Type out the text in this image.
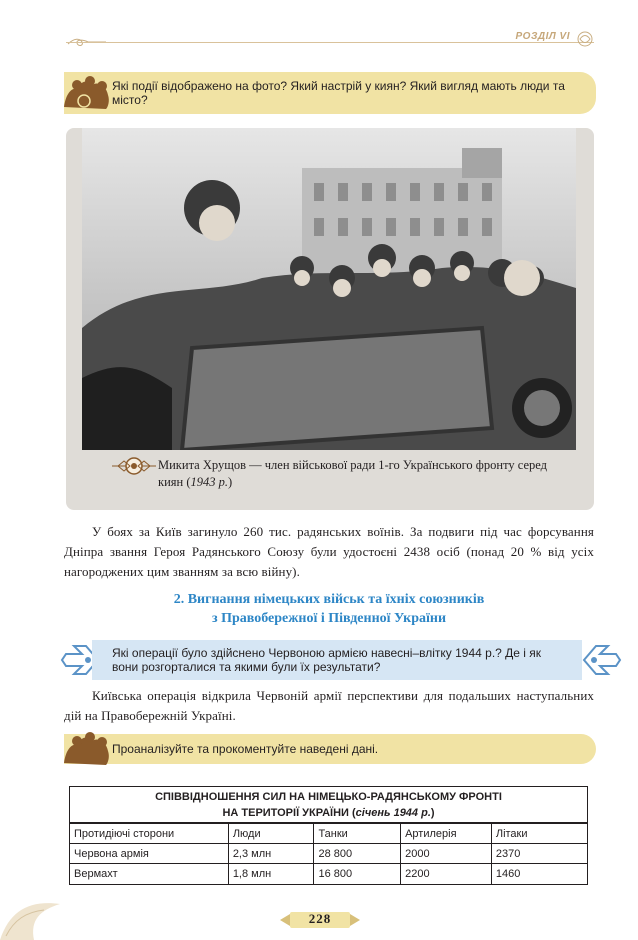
РОЗДІЛ VI
Які події відображено на фото? Який настрій у киян? Який вигляд мають люди та місто?
Микита Хрущов — член військової ради 1-го Українського фронту серед киян (1943 р.)
У боях за Київ загинуло 260 тис. радянських воїнів. За подвиги під час форсування Дніпра звання Героя Радянського Союзу були удостоєні 2438 осіб (понад 20 % від усіх нагороджених цим званням за всю війну).
2. Вигнання німецьких військ та їхніх союзників
з Правобережної і Південної України
Які операції було здійснено Червоною армією навесні–влітку 1944 р.? Де і як вони розгорталися та якими були їх результати?
Київська операція відкрила Червоній армії перспективи для подальших наступальних дій на Правобережній Україні.
Проаналізуйте та прокоментуйте наведені дані.
СПІВВІДНОШЕННЯ СИЛ НА НІМЕЦЬКО-РАДЯНСЬКОМУ ФРОНТІ
НА ТЕРИТОРІЇ УКРАЇНИ (січень 1944 р.)
Протидіючі сторони	Люди	Танки	Артилерія	Літаки
Червона армія	2,3 млн	28 800	2000	2370
Вермахт	1,8 млн	16 800	2200	1460
228
